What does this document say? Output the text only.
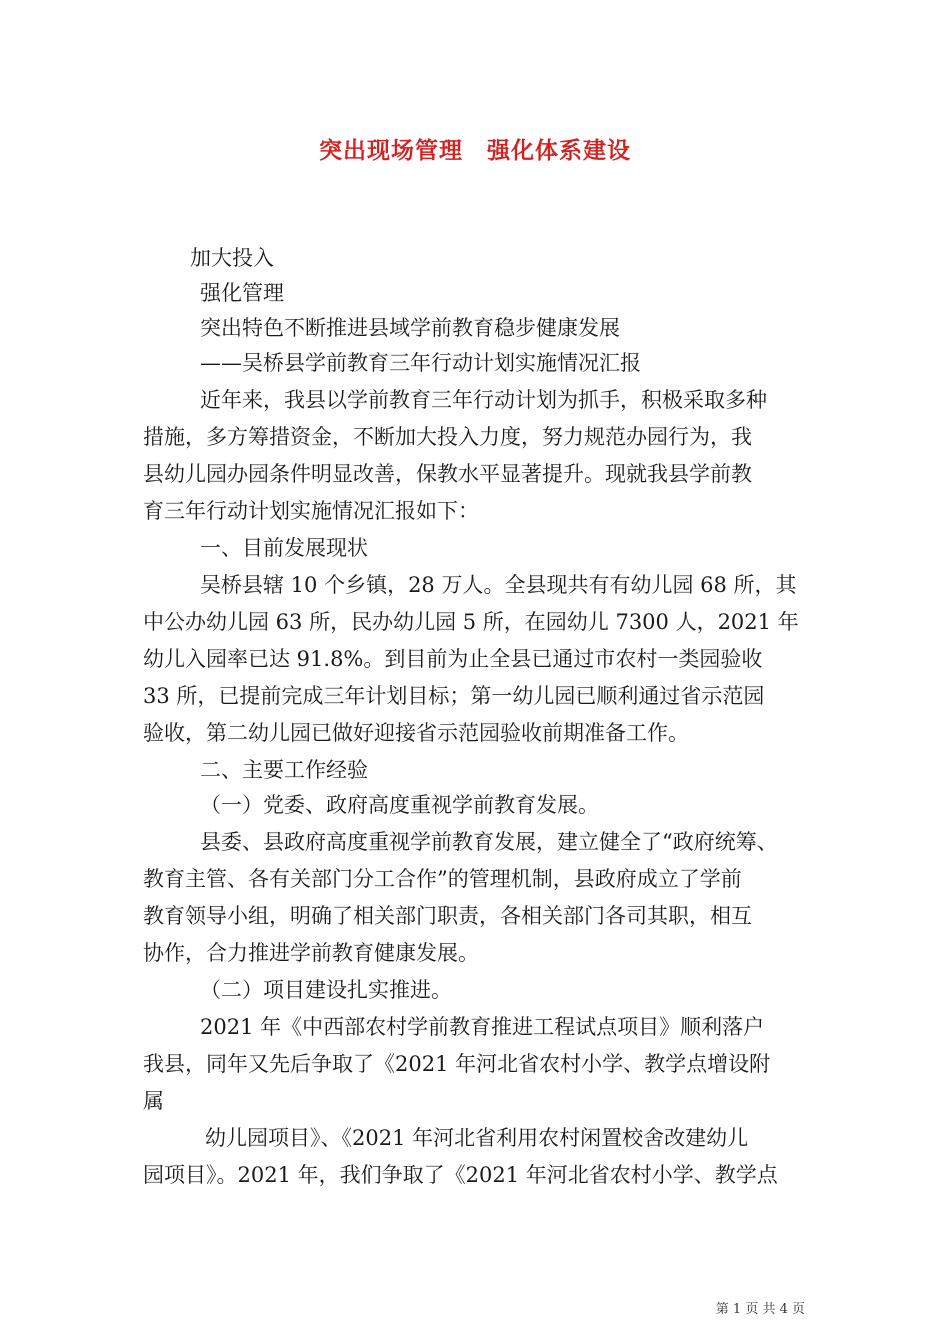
突出现场管理　强化体系建设
加大投入
强化管理
突出特色不断推进县域学前教育稳步健康发展
——吴桥县学前教育三年行动计划实施情况汇报
近年来，我县以学前教育三年行动计划为抓手，积极采取多种
措施，多方筹措资金，不断加大投入力度，努力规范办园行为，我
县幼儿园办园条件明显改善，保教水平显著提升。现就我县学前教
育三年行动计划实施情况汇报如下：
一、目前发展现状
吴桥县辖 10 个乡镇，28 万人。全县现共有有幼儿园 68 所，其
中公办幼儿园 63 所，民办幼儿园 5 所，在园幼儿 7300 人，2021 年
幼儿入园率已达 91.8%。到目前为止全县已通过市农村一类园验收
33 所，已提前完成三年计划目标；第一幼儿园已顺利通过省示范园
验收，第二幼儿园已做好迎接省示范园验收前期准备工作。
二、主要工作经验
（一）党委、政府高度重视学前教育发展。
县委、县政府高度重视学前教育发展，建立健全了“政府统筹、
教育主管、各有关部门分工合作”的管理机制，县政府成立了学前
教育领导小组，明确了相关部门职责，各相关部门各司其职，相互
协作，合力推进学前教育健康发展。
（二）项目建设扎实推进。
2021 年《中西部农村学前教育推进工程试点项目》顺利落户
我县，同年又先后争取了《2021 年河北省农村小学、教学点增设附
属
幼儿园项目》、《2021 年河北省利用农村闲置校舍改建幼儿
园项目》。2021 年，我们争取了《2021 年河北省农村小学、教学点
第 1 页 共 4 页
